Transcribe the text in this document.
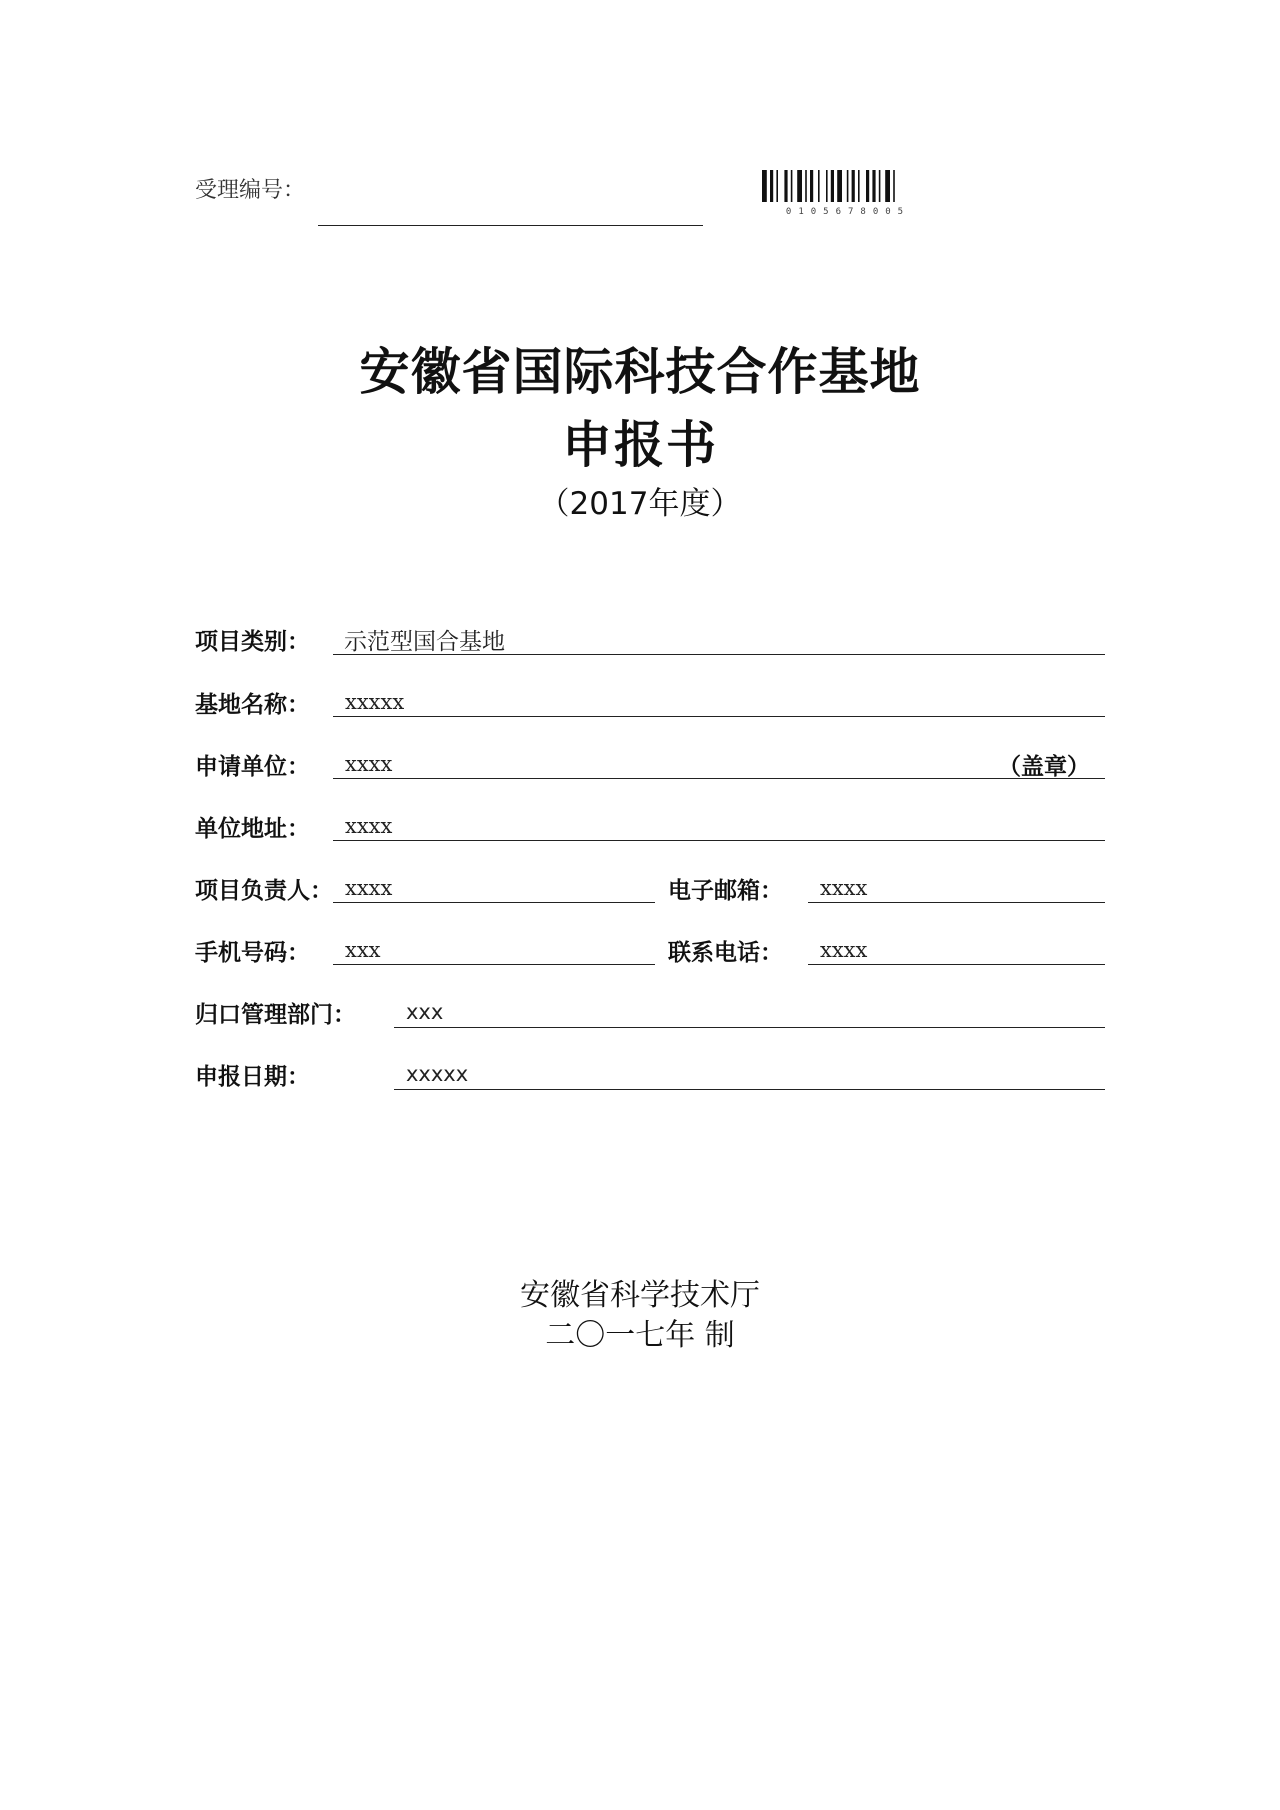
受理编号：
0105678005
安徽省国际科技合作基地
申报书
（2017年度）
项目类别： 示范型国合基地
基地名称： xxxxx
申请单位： xxxx	（盖章）
单位地址： xxxx
项目负责人： xxxx	电子邮箱： xxxx
手机号码： xxx	联系电话： xxxx
归口管理部门： xxx
申报日期：	xxxxx
安徽省科学技术厅
二〇一七年 制
